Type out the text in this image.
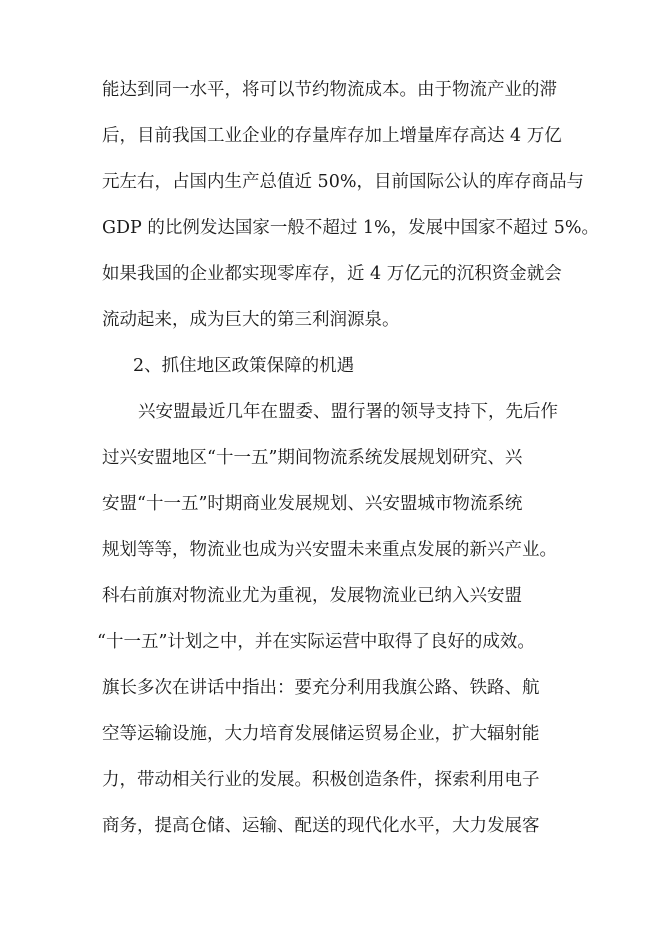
能达到同一水平，将可以节约物流成本。由于物流产业的滞
后，目前我国工业企业的存量库存加上增量库存高达 4 万亿
元左右，占国内生产总值近 50%，目前国际公认的库存商品与
GDP 的比例发达国家一般不超过 1%，发展中国家不超过 5%。
如果我国的企业都实现零库存，近 4 万亿元的沉积资金就会
流动起来，成为巨大的第三利润源泉。
2、抓住地区政策保障的机遇
兴安盟最近几年在盟委、盟行署的领导支持下，先后作
过兴安盟地区“十一五”期间物流系统发展规划研究、兴
安盟“十一五”时期商业发展规划、兴安盟城市物流系统
规划等等，物流业也成为兴安盟未来重点发展的新兴产业。
科右前旗对物流业尤为重视，发展物流业已纳入兴安盟
“十一五”计划之中，并在实际运营中取得了良好的成效。
旗长多次在讲话中指出：要充分利用我旗公路、铁路、航
空等运输设施，大力培育发展储运贸易企业，扩大辐射能
力，带动相关行业的发展。积极创造条件，探索利用电子
商务，提高仓储、运输、配送的现代化水平，大力发展客
